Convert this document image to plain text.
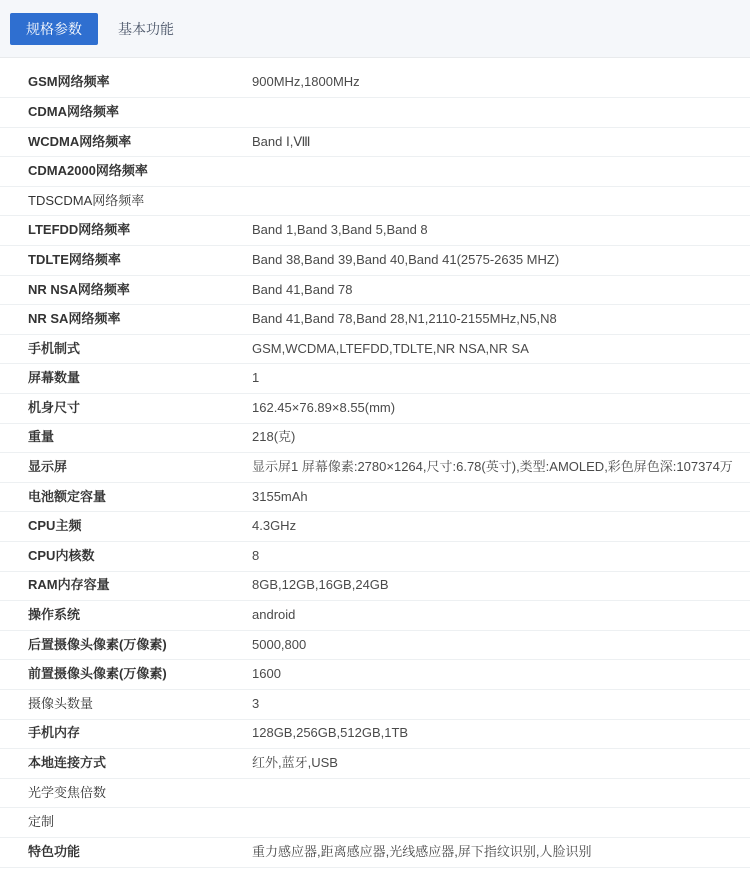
规格参数	基本功能
GSM网络频率	900MHz,1800MHz
CDMA网络频率	
WCDMA网络频率	Band Ⅰ,Ⅷ
CDMA2000网络频率	
TDSCDMA网络频率	
LTEFDD网络频率	Band 1,Band 3,Band 5,Band 8
TDLTE网络频率	Band 38,Band 39,Band 40,Band 41(2575-2635 MHZ)
NR NSA网络频率	Band 41,Band 78
NR SA网络频率	Band 41,Band 78,Band 28,N1,2110-2155MHz,N5,N8
手机制式	GSM,WCDMA,LTEFDD,TDLTE,NR NSA,NR SA
屏幕数量	1
机身尺寸	162.45×76.89×8.55(mm)
重量	218(克)
显示屏	显示屏1 屏幕像素:2780×1264,尺寸:6.78(英寸),类型:AMOLED,彩色屏色深:107374万
电池额定容量	3155mAh
CPU主频	4.3GHz
CPU内核数	8
RAM内存容量	8GB,12GB,16GB,24GB
操作系统	android
后置摄像头像素(万像素)	5000,800
前置摄像头像素(万像素)	1600
摄像头数量	3
手机内存	128GB,256GB,512GB,1TB
本地连接方式	红外,蓝牙,USB
光学变焦倍数	
定制	
特色功能	重力感应器,距离感应器,光线感应器,屏下指纹识别,人脸识别
